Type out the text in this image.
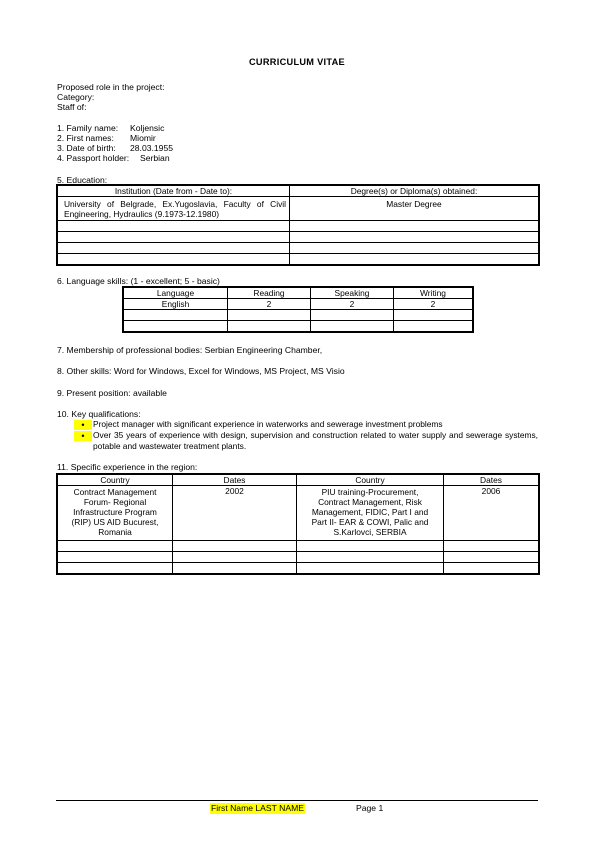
CURRICULUM VITAE
Proposed role in the project:
Category:
Staff of:
1. Family name: Koljensic
2. First names: Miomir
3. Date of birth: 28.03.1955
4. Passport holder: Serbian
5. Education:
Institution (Date from - Date to):	Degree(s) or Diploma(s) obtained:
University of Belgrade, Ex.Yugoslavia, Faculty of Civil Engineering, Hydraulics (9.1973-12.1980)	Master Degree

6. Language skills: (1 - excellent; 5 - basic)
Language	Reading	Speaking	Writing
English	2	2	2

7. Membership of professional bodies: Serbian Engineering Chamber,
8. Other skills: Word for Windows, Excel for Windows, MS Project, MS Visio
9. Present position: available
10. Key qualifications:
•	Project manager with significant experience in waterworks and sewerage investment problems
•	Over 35 years of experience with design, supervision and construction related to water supply and sewerage systems, potable and wastewater treatment plants.
11. Specific experience in the region:
Country	Dates	Country	Dates
Contract Management Forum- Regional Infrastructure Program (RIP) US AID Bucurest, Romania	2002	PIU training-Procurement, Contract Management, Risk Management, FIDIC, Part I and Part II- EAR & COWI, Palic and S.Karlovci, SERBIA	2006

First Name LAST NAME	Page 1
